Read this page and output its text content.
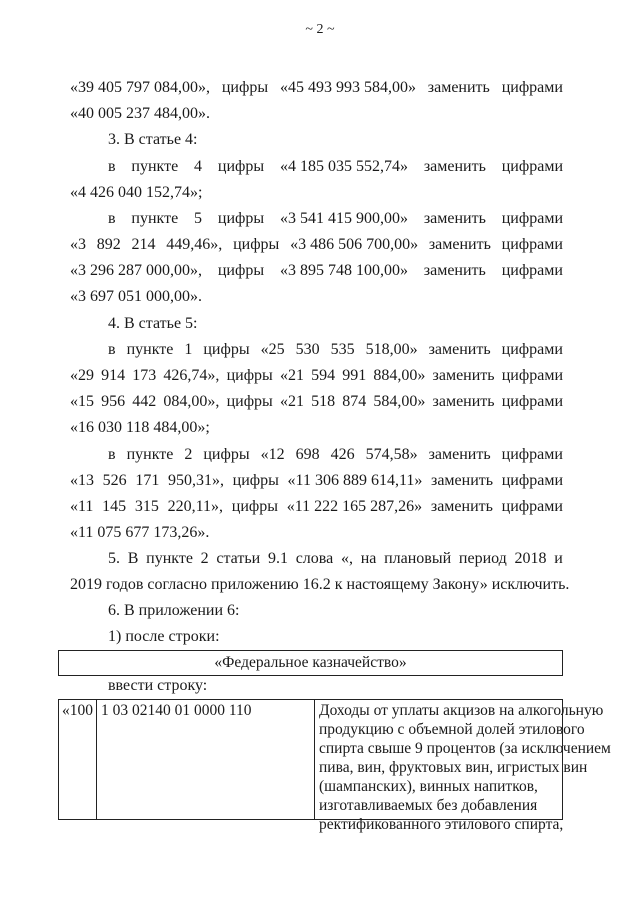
~ 2 ~
«39 405 797 084,00», цифры «45 493 993 584,00» заменить цифрами
«40 005 237 484,00».
3. В статье 4:
в пункте 4 цифры «4 185 035 552,74» заменить цифрами
«4 426 040 152,74»;
в пункте 5 цифры «3 541 415 900,00» заменить цифрами
«3 892 214 449,46», цифры «3 486 506 700,00» заменить цифрами
«3 296 287 000,00», цифры «3 895 748 100,00» заменить цифрами
«3 697 051 000,00».
4. В статье 5:
в пункте 1 цифры «25 530 535 518,00» заменить цифрами
«29 914 173 426,74», цифры «21 594 991 884,00» заменить цифрами
«15 956 442 084,00», цифры «21 518 874 584,00» заменить цифрами
«16 030 118 484,00»;
в пункте 2 цифры «12 698 426 574,58» заменить цифрами
«13 526 171 950,31», цифры «11 306 889 614,11» заменить цифрами
«11 145 315 220,11», цифры «11 222 165 287,26» заменить цифрами
«11 075 677 173,26».
5. В пункте 2 статьи 9.1 слова «, на плановый период 2018 и
2019 годов согласно приложению 16.2 к настоящему Закону» исключить.
6. В приложении 6:
1) после строки:
ввести строку:
«Федеральное казначейство»
«100 1 03 02140 01 0000 110	Доходы от уплаты акцизов на алкогольную
продукцию с объемной долей этилового
спирта свыше 9 процентов (за исключением
пива, вин, фруктовых вин, игристых вин
(шампанских), винных напитков,
изготавливаемых без добавления
ректификованного этилового спирта,
